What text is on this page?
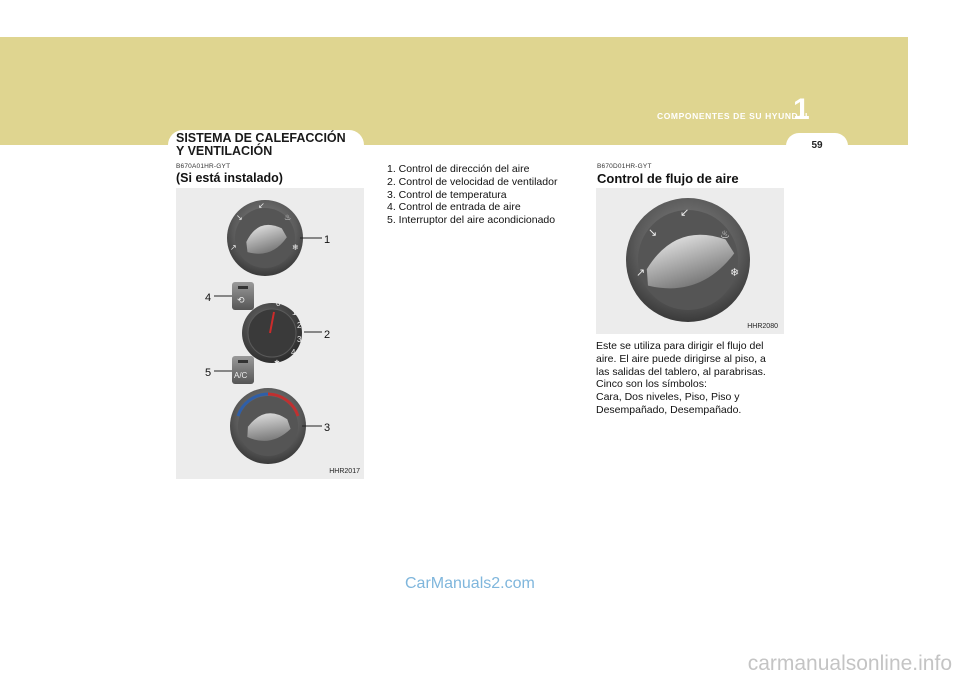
COMPONENTES DE SU HYUNDAI
1
59
SISTEMA DE CALEFACCIÓN
Y VENTILACIÓN
B670A01HR-GYT
(Si está instalado)
↘
↙
♨
↗	❄
1
⟲
4	0
1
2
3
4
✱
2
A/C
5
3
HHR2017
1. Control de dirección del aire
2. Control de velocidad de ventilador
3. Control de temperatura
4. Control de entrada de aire
5. Interruptor del aire acondicionado
B670D01HR-GYT
Control de flujo de aire
↘
↙
♨
↗	❄
HHR2080

Este se utiliza para dirigir el flujo del
aire. El aire puede dirigirse al piso, a
las salidas del tablero, al parabrisas.
Cinco son los símbolos:
Cara, Dos niveles, Piso, Piso y
Desempañado, Desempañado.

CarManuals2.com
carmanualsonline.info
